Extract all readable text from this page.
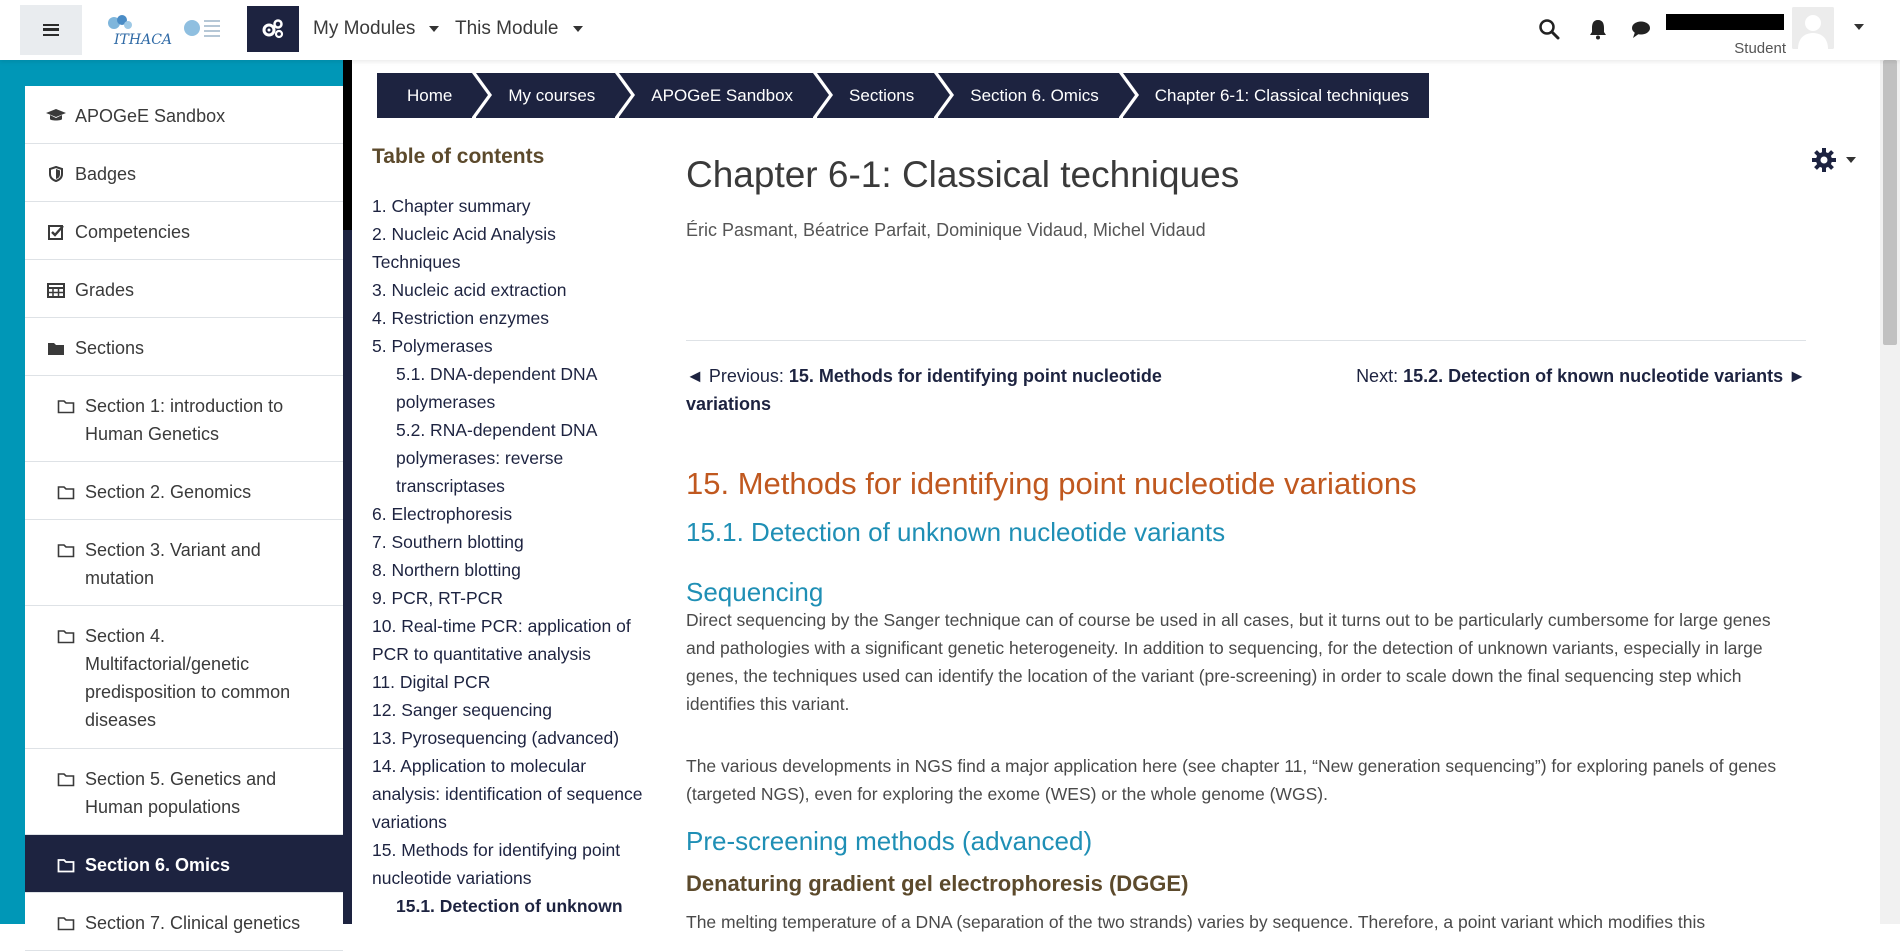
ITHACA
My Modules This Module
Student
APOGeE Sandbox
Badges
Competencies
Grades
Sections
Section 1: introduction to Human Genetics
Section 2. Genomics
Section 3. Variant and mutation
Section 4. Multifactorial/genetic predisposition to common diseases
Section 5. Genetics and Human populations
Section 6. Omics
Section 7. Clinical genetics
Home	My courses	APOGeE Sandbox	Sections	Section 6. Omics	Chapter 6-1: Classical techniques
Table of contents
1. Chapter summary
2. Nucleic Acid Analysis Techniques
3. Nucleic acid extraction
4. Restriction enzymes
5. Polymerases
5.1. DNA-dependent DNA polymerases
5.2. RNA-dependent DNA polymerases: reverse transcriptases
6. Electrophoresis
7. Southern blotting
8. Northern blotting
9. PCR, RT-PCR
10. Real-time PCR: application of PCR to quantitative analysis
11. Digital PCR
12. Sanger sequencing
13. Pyrosequencing (advanced)
14. Application to molecular analysis: identification of sequence variations
15. Methods for identifying point nucleotide variations
15.1. Detection of unknown
Chapter 6-1: Classical techniques
Éric Pasmant, Béatrice Parfait, Dominique Vidaud, Michel Vidaud
◄ Previous: 15. Methods for identifying point nucleotide variations
Next: 15.2. Detection of known nucleotide variants ►
15. Methods for identifying point nucleotide variations
15.1. Detection of unknown nucleotide variants
Sequencing

Direct sequencing by the Sanger technique can of course be used in all cases, but it turns out to be particularly cumbersome for large genes and pathologies with a significant genetic heterogeneity. In addition to sequencing, for the detection of unknown variants, especially in large genes, the techniques used can identify the location of the variant (pre-screening) in order to scale down the final sequencing step which identifies this variant.

The various developments in NGS find a major application here (see chapter 11, “New generation sequencing”) for exploring panels of genes (targeted NGS), even for exploring the exome (WES) or the whole genome (WGS).

Pre-screening methods (advanced)
Denaturing gradient gel electrophoresis (DGGE)

The melting temperature of a DNA (separation of the two strands) varies by sequence. Therefore, a point variant which modifies this
